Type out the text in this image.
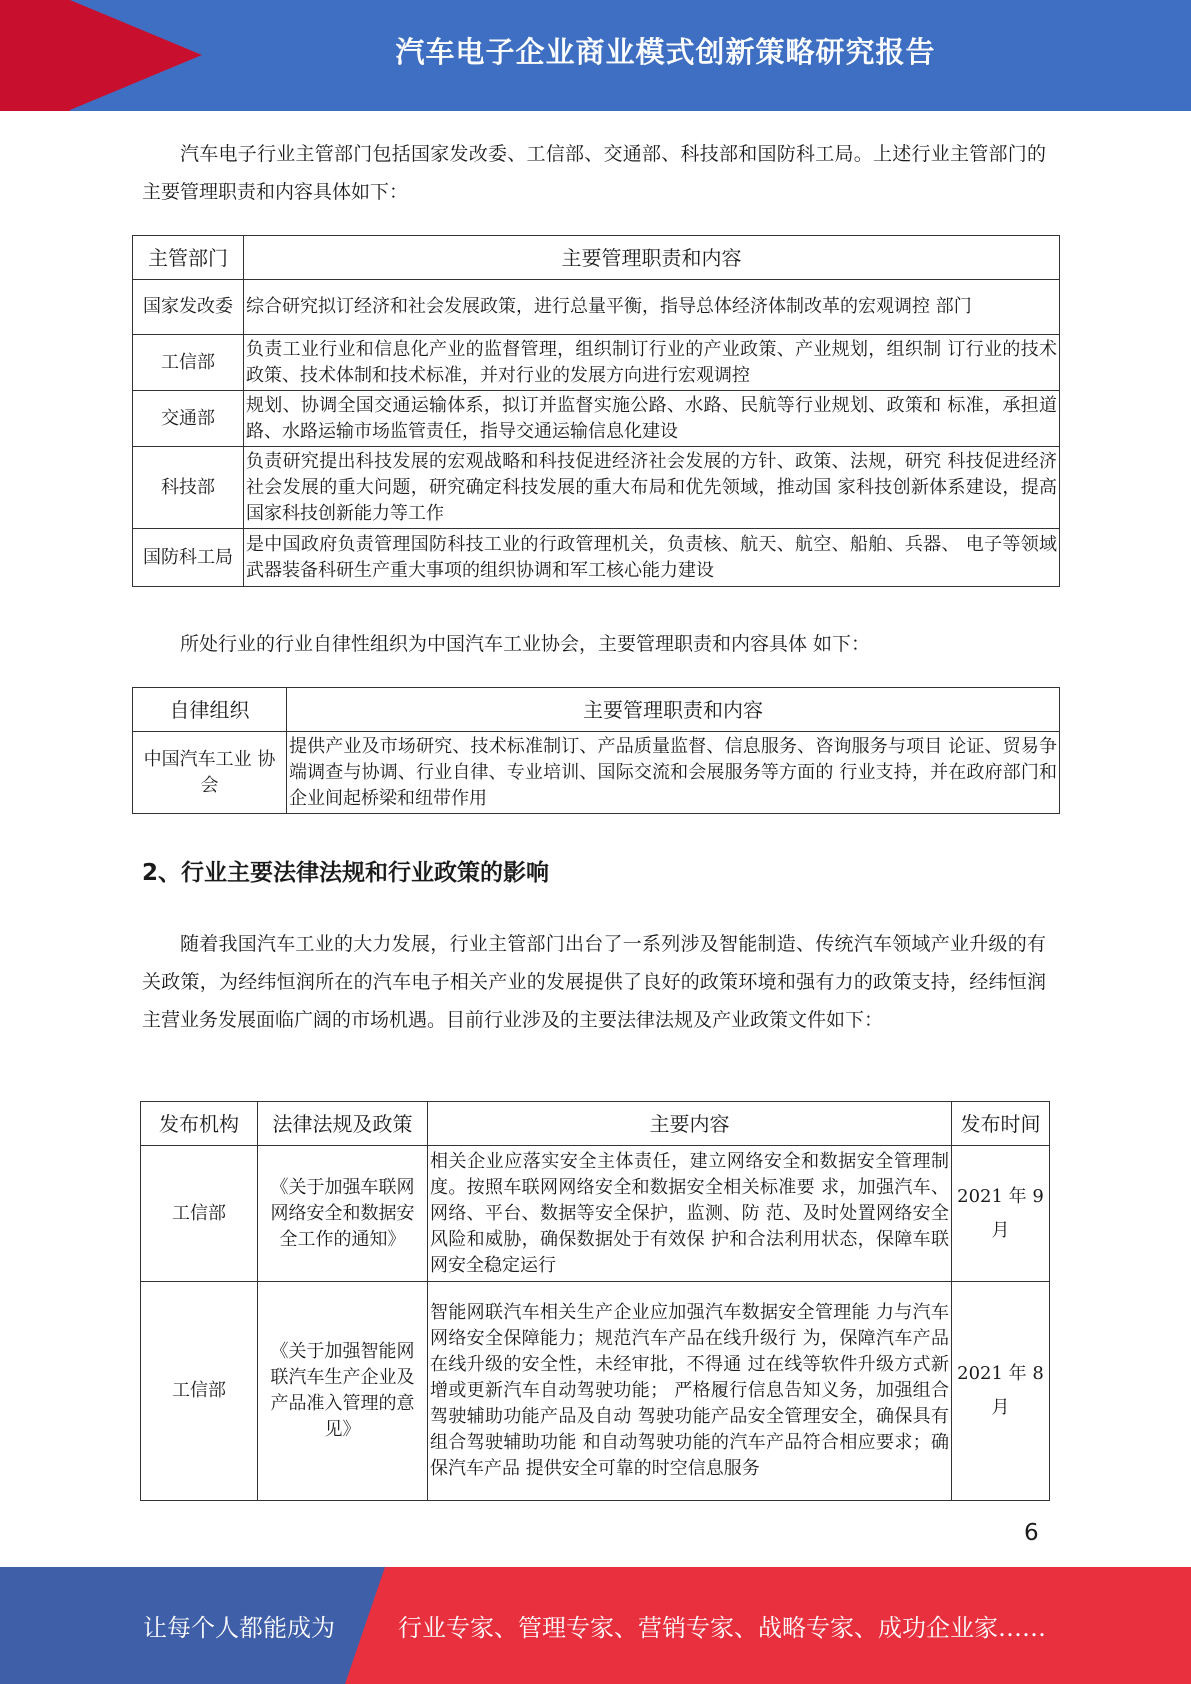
汽车电子企业商业模式创新策略研究报告

汽车电子行业主管部门包括国家发改委、工信部、交通部、科技部和国防科工局。上述行业主管部门的主要管理职责和内容具体如下：

主管部门	主要管理职责和内容
国家发改委	综合研究拟订经济和社会发展政策，进行总量平衡，指导总体经济体制改革的宏观调控 部门
工信部	负责工业行业和信息化产业的监督管理，组织制订行业的产业政策、产业规划，组织制 订行业的技术政策、技术体制和技术标准，并对行业的发展方向进行宏观调控
交通部	规划、协调全国交通运输体系，拟订并监督实施公路、水路、民航等行业规划、政策和 标准，承担道路、水路运输市场监管责任，指导交通运输信息化建设
科技部	负责研究提出科技发展的宏观战略和科技促进经济社会发展的方针、政策、法规，研究 科技促进经济社会发展的重大问题，研究确定科技发展的重大布局和优先领域，推动国 家科技创新体系建设，提高国家科技创新能力等工作
国防科工局	是中国政府负责管理国防科技工业的行政管理机关，负责核、航天、航空、船舶、兵器、 电子等领域武器装备科研生产重大事项的组织协调和军工核心能力建设

所处行业的行业自律性组织为中国汽车工业协会，主要管理职责和内容具体 如下：

自律组织	主要管理职责和内容
中国汽车工业 协会	提供产业及市场研究、技术标准制订、产品质量监督、信息服务、咨询服务与项目 论证、贸易争端调查与协调、行业自律、专业培训、国际交流和会展服务等方面的 行业支持，并在政府部门和企业间起桥梁和纽带作用
2、行业主要法律法规和行业政策的影响

随着我国汽车工业的大力发展，行业主管部门出台了一系列涉及智能制造、传统汽车领域产业升级的有关政策，为经纬恒润所在的汽车电子相关产业的发展提供了良好的政策环境和强有力的政策支持，经纬恒润主营业务发展面临广阔的市场机遇。目前行业涉及的主要法律法规及产业政策文件如下：

发布机构	法律法规及政策	主要内容	发布时间
工信部	《关于加强车联网网络安全和数据安全工作的通知》	相关企业应落实安全主体责任，建立网络安全和数据安全管理制度。按照车联网网络安全和数据安全相关标准要 求，加强汽车、网络、平台、数据等安全保护，监测、防 范、及时处置网络安全风险和威胁，确保数据处于有效保 护和合法利用状态，保障车联网安全稳定运行	2021 年 9 月
工信部	《关于加强智能网联汽车生产企业及产品准入管理的意见》	智能网联汽车相关生产企业应加强汽车数据安全管理能 力与汽车网络安全保障能力；规范汽车产品在线升级行 为，保障汽车产品在线升级的安全性，未经审批，不得通 过在线等软件升级方式新增或更新汽车自动驾驶功能； 严格履行信息告知义务，加强组合驾驶辅助功能产品及自动 驾驶功能产品安全管理安全，确保具有组合驾驶辅助功能 和自动驾驶功能的汽车产品符合相应要求；确保汽车产品 提供安全可靠的时空信息服务	2021 年 8 月
6
让每个人都能成为	行业专家、管理专家、营销专家、战略专家、成功企业家……
